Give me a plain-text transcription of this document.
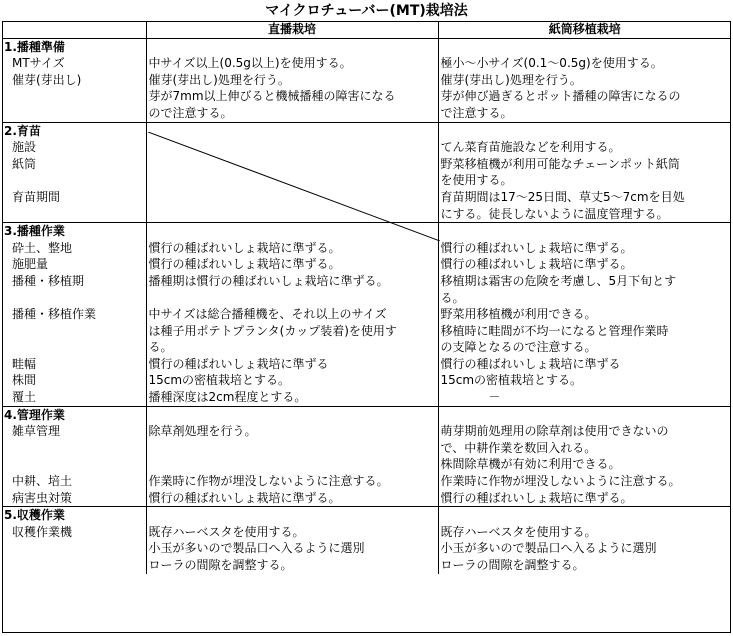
マイクロチューバー(MT)栽培法
	直播栽培	紙筒移植栽培
1.播種準備		
MTサイズ	中サイズ以上(0.5g以上)を使用する。	極小～小サイズ(0.1～0.5g)を使用する。
催芽(芽出し)	催芽(芽出し)処理を行う。	催芽(芽出し)処理を行う。
	芽が7mm以上伸びると機械播種の障害になる	芽が伸び過ぎるとポット播種の障害になるの
	ので注意する。	で注意する。
2.育苗		
施設		てん菜育苗施設などを利用する。
紙筒		野菜移植機が利用可能なチェーンポット紙筒
		を使用する。
育苗期間		育苗期間は17～25日間、草丈5～7cmを目処
		にする。徒長しないように温度管理する。
3.播種作業		
砕土、整地	慣行の種ばれいしょ栽培に準ずる。	慣行の種ばれいしょ栽培に準ずる。
施肥量	慣行の種ばれいしょ栽培に準ずる。	慣行の種ばれいしょ栽培に準ずる。
播種・移植期	播種期は慣行の種ばれいしょ栽培に準ずる。	移植期は霜害の危険を考慮し、5月下旬とす
		る。
播種・移植作業	中サイズは総合播種機を、それ以上のサイズ	野菜用移植機が利用できる。
	は種子用ポテトプランタ(カップ装着)を使用す	移植時に畦間が不均一になると管理作業時
	る。	の支障となるので注意する。
畦幅	慣行の種ばれいしょ栽培に準ずる	慣行の種ばれいしょ栽培に準ずる
株間	15cmの密植栽培とする。	15cmの密植栽培とする。
覆土	播種深度は2cm程度とする。	－
4.管理作業		
雑草管理	除草剤処理を行う。	萌芽期前処理用の除草剤は使用できないの
		で、中耕作業を数回入れる。
		株間除草機が有効に利用できる。
中耕、培土	作業時に作物が埋没しないように注意する。	作業時に作物が埋没しないように注意する。
病害虫対策	慣行の種ばれいしょ栽培に準ずる。	慣行の種ばれいしょ栽培に準ずる。
5.収穫作業		
収穫作業機	既存ハーベスタを使用する。	既存ハーベスタを使用する。
	小玉が多いので製品口へ入るように選別	小玉が多いので製品口へ入るように選別
	ローラの間隙を調整する。	ローラの間隙を調整する。
